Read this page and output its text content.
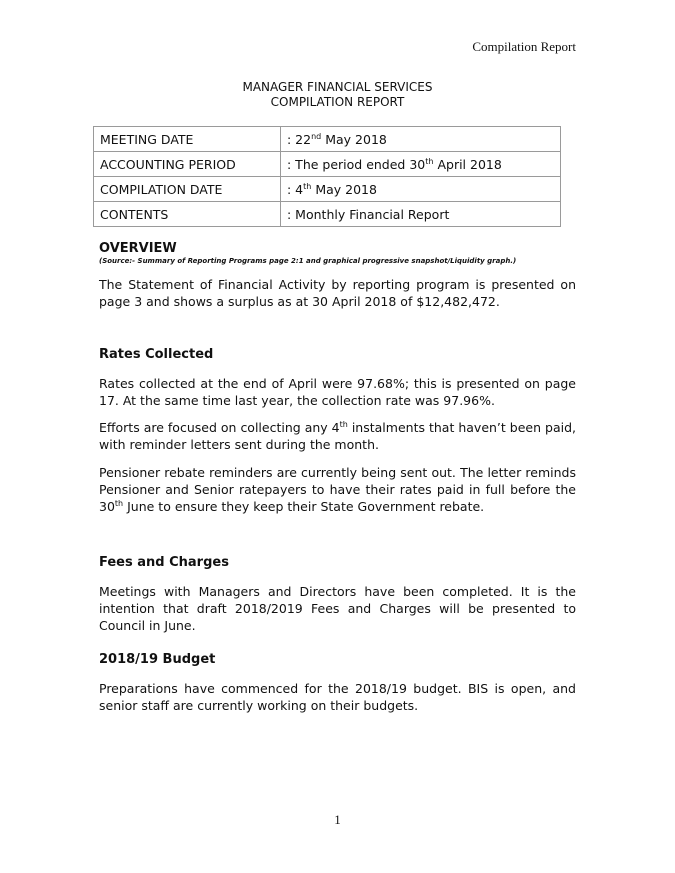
Compilation Report
MANAGER FINANCIAL SERVICES
COMPILATION REPORT
MEETING DATE	: 22nd May 2018
ACCOUNTING PERIOD	: The period ended 30th April 2018
COMPILATION DATE	: 4th May 2018
CONTENTS	: Monthly Financial Report
OVERVIEW
(Source:- Summary of Reporting Programs page 2:1 and graphical progressive snapshot/Liquidity graph.)

The Statement of Financial Activity by reporting program is presented on page 3 and shows a surplus as at 30 April 2018 of $12,482,472.

Rates Collected

Rates collected at the end of April were 97.68%; this is presented on page 17. At the same time last year, the collection rate was 97.96%.

Efforts are focused on collecting any 4th instalments that haven’t been paid, with reminder letters sent during the month.

Pensioner rebate reminders are currently being sent out. The letter reminds Pensioner and Senior ratepayers to have their rates paid in full before the 30th June to ensure they keep their State Government rebate.

Fees and Charges

Meetings with Managers and Directors have been completed. It is the intention that draft 2018/2019 Fees and Charges will be presented to Council in June.

2018/19 Budget

Preparations have commenced for the 2018/19 budget. BIS is open, and senior staff are currently working on their budgets.

1
